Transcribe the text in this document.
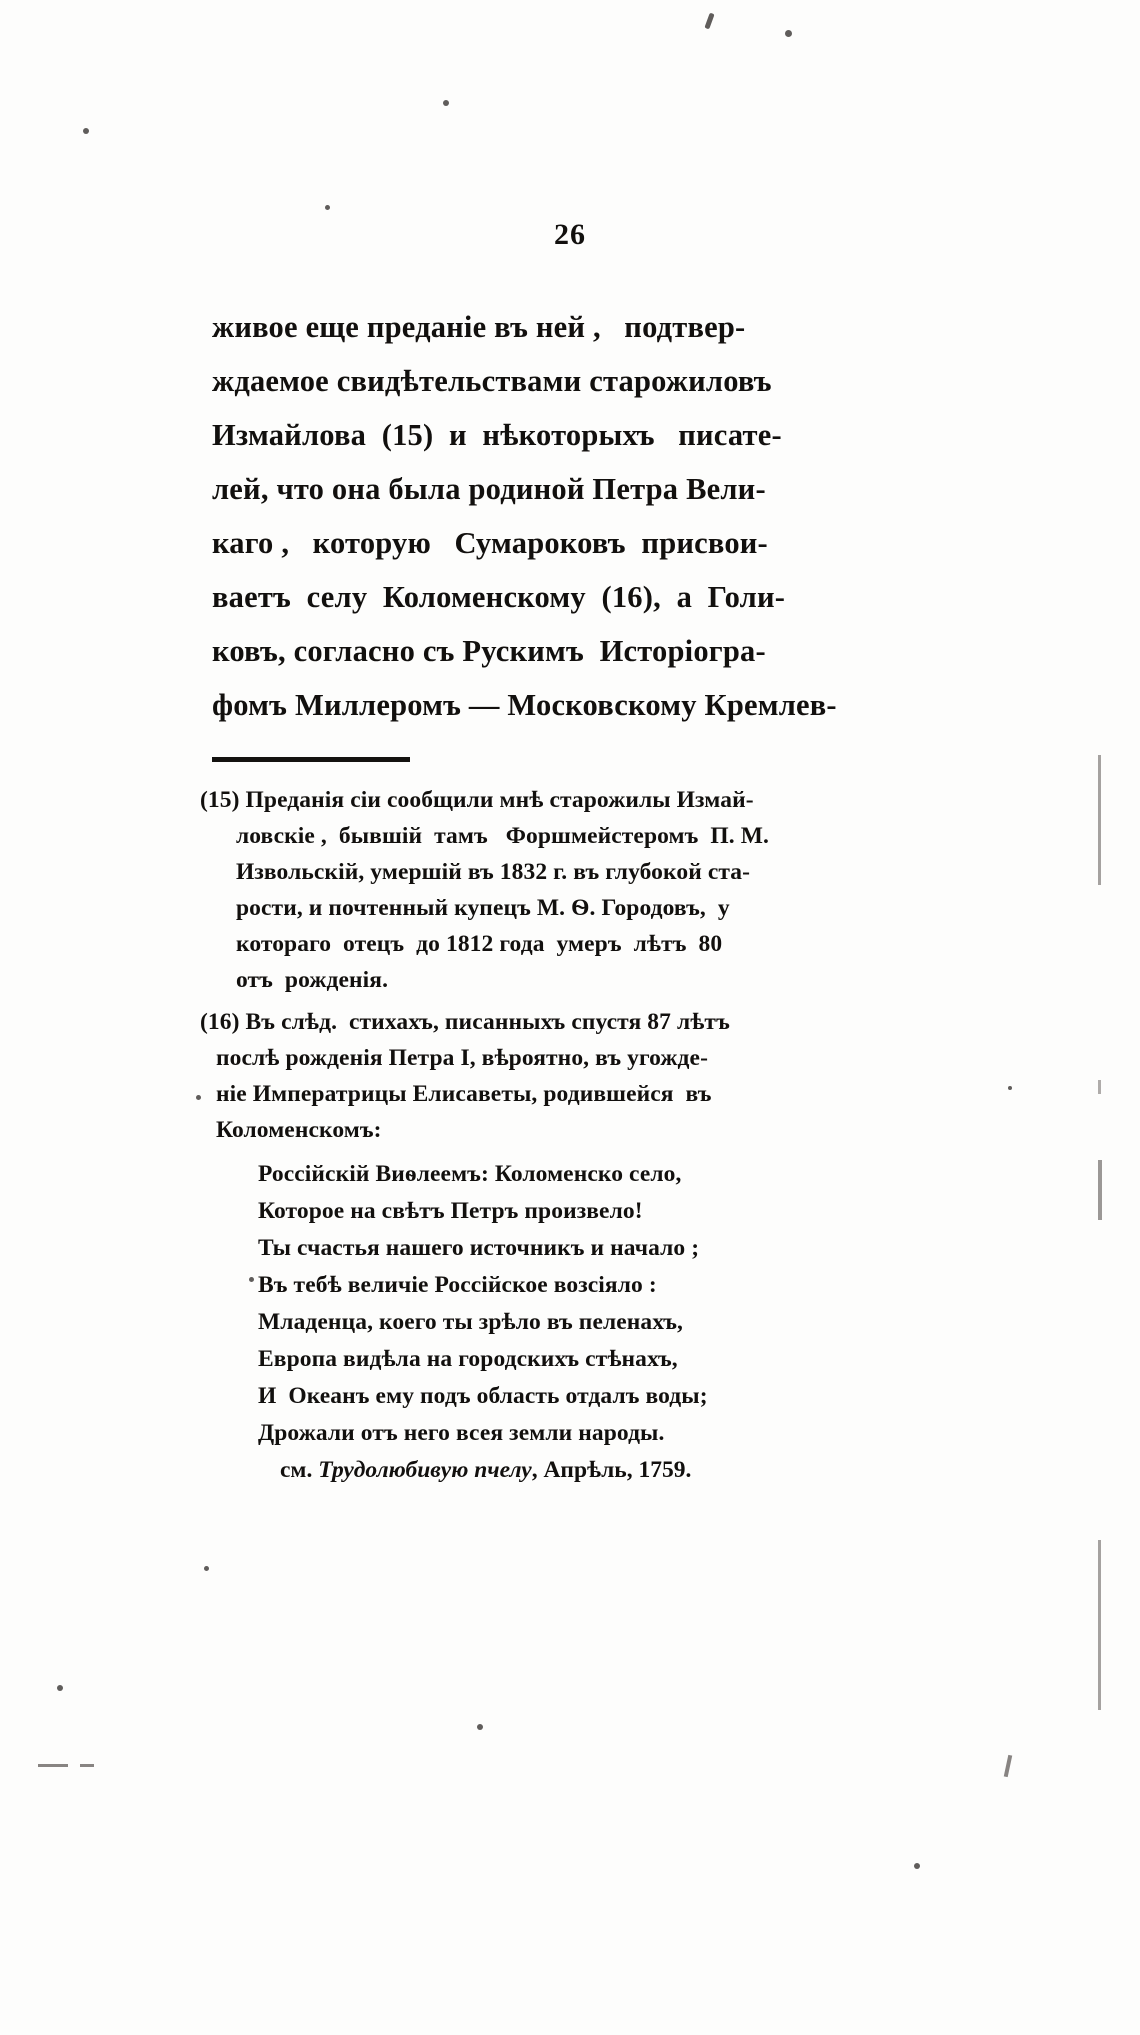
26
живое еще преданіе въ ней ,   подтвер-
ждаемое свидѣтельствами старожиловъ
Измайлова  (15)  и  нѣкоторыхъ   писате-
лей, что она была родиной Петра Вели-
каго ,   которую   Сумароковъ  присвои-
ваетъ  селу  Коломенскому  (16),  а  Голи-
ковъ, согласно съ Рускимъ  Исторіогра-
фомъ Миллеромъ — Московскому Кремлев-
(15) Преданія сіи сообщили мнѣ старожилы Измай-
ловскіе ,  бывшій  тамъ   Форшмейстеромъ  П. М.
Извольскій, умершій въ 1832 г. въ глубокой ста-
рости, и почтенный купецъ М. Ѳ. Городовъ,  у
котораго  отецъ  до 1812 года  умеръ  лѣтъ  80
отъ  рожденія.
(16) Въ слѣд.  стихахъ, писанныхъ спустя 87 лѣтъ
послѣ рожденія Петра I, вѣроятно, въ угожде-
ніе Императрицы Елисаветы, родившейся  въ
Коломенскомъ:
Россійскій Виѳлеемъ: Коломенско село,
Которое на свѣтъ Петръ произвело!
Ты счастья нашего источникъ и начало ;
Въ тебѣ величіе Россійское возсіяло :
Младенца, коего ты зрѣло въ пеленахъ,
Европа видѣла на городскихъ стѣнахъ,
И  Океанъ ему подъ область отдалъ воды;
Дрожали отъ него всея земли народы.
см. Трудолюбивую пчелу, Апрѣль, 1759.
